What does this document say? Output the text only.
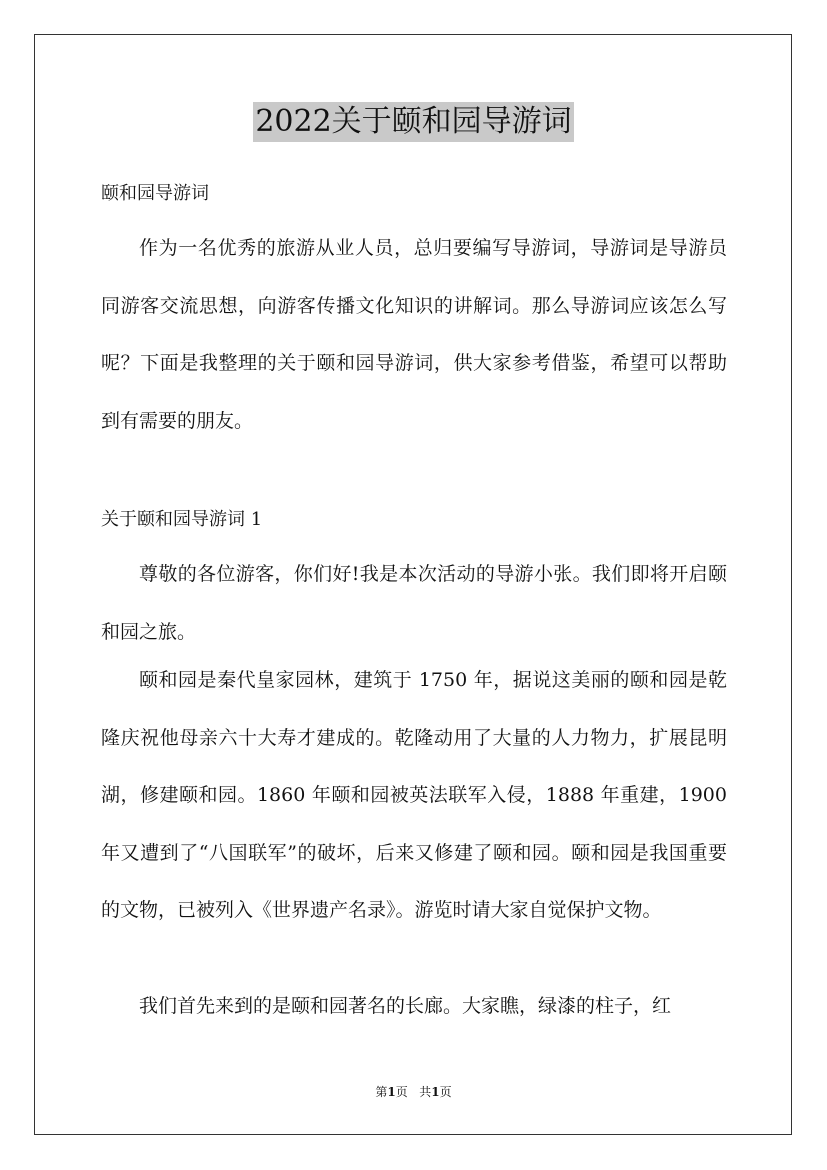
2022关于颐和园导游词
颐和园导游词

作为一名优秀的旅游从业人员，总归要编写导游词，导游词是导游员同游客交流思想，向游客传播文化知识的讲解词。那么导游词应该怎么写呢？下面是我整理的关于颐和园导游词，供大家参考借鉴，希望可以帮助到有需要的朋友。

关于颐和园导游词 1

尊敬的各位游客，你们好!我是本次活动的导游小张。我们即将开启颐和园之旅。

颐和园是秦代皇家园林，建筑于 1750 年，据说这美丽的颐和园是乾隆庆祝他母亲六十大寿才建成的。乾隆动用了大量的人力物力，扩展昆明湖，修建颐和园。1860 年颐和园被英法联军入侵，1888 年重建，1900 年又遭到了“八国联军”的破坏，后来又修建了颐和园。颐和园是我国重要的文物，已被列入《世界遗产名录》。游览时请大家自觉保护文物。

我们首先来到的是颐和园著名的长廊。大家瞧，绿漆的柱子，红

第1页 共1页
